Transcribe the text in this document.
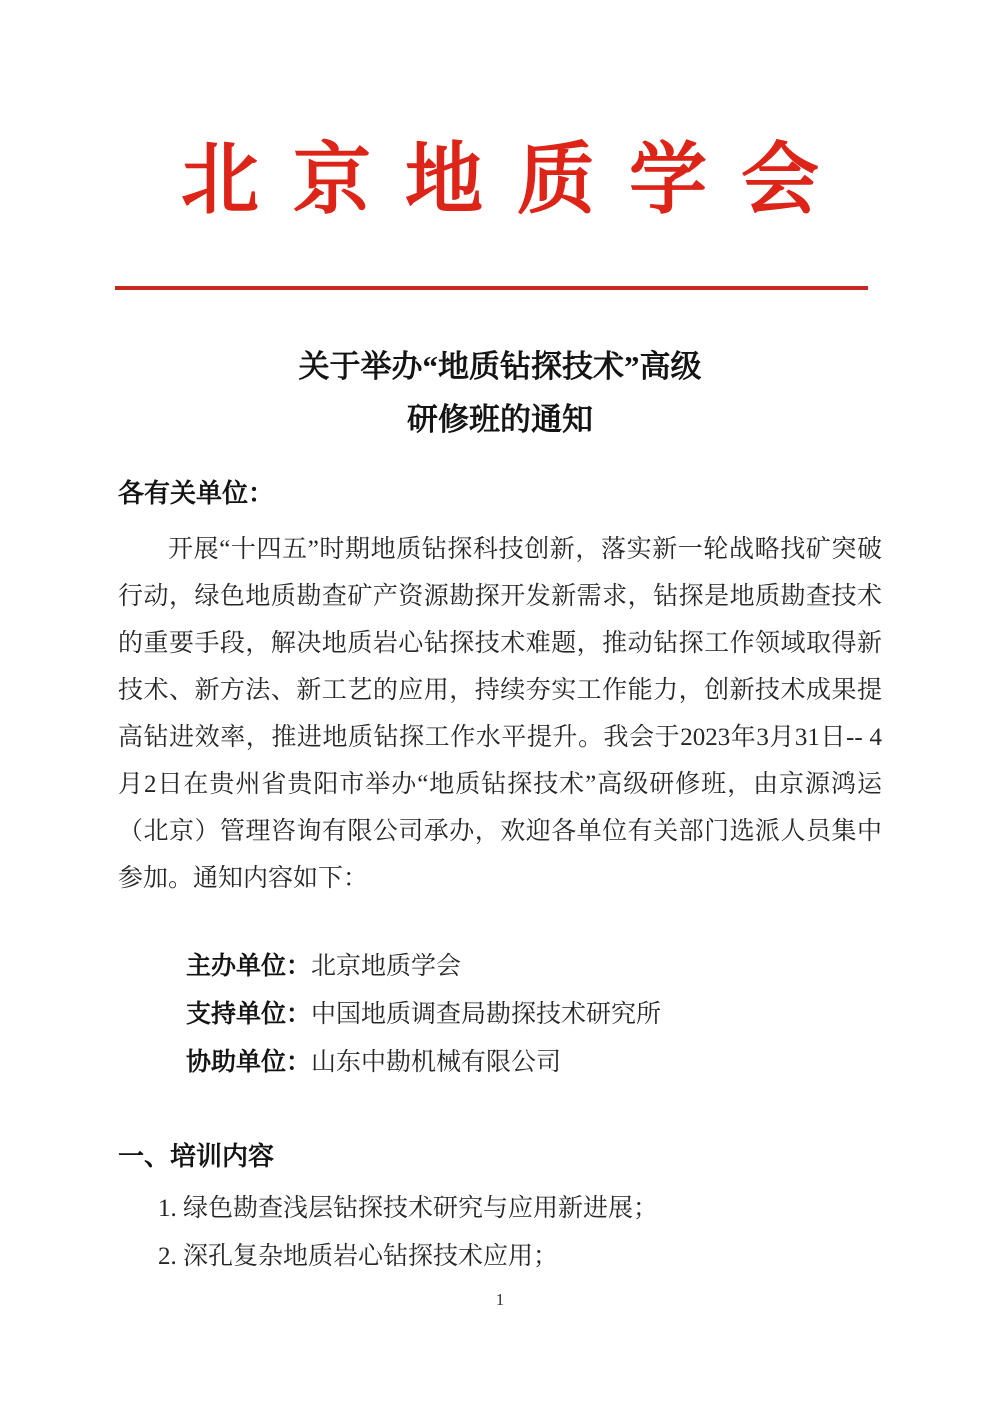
北京地质学会
关于举办“地质钻探技术”高级
研修班的通知
各有关单位：

开展“十四五”时期地质钻探科技创新，落实新一轮战略找矿突破行动，绿色地质勘查矿产资源勘探开发新需求，钻探是地质勘查技术的重要手段，解决地质岩心钻探技术难题，推动钻探工作领域取得新技术、新方法、新工艺的应用，持续夯实工作能力，创新技术成果提高钻进效率，推进地质钻探工作水平提升。我会于2023年3月31日-- 4月2日在贵州省贵阳市举办“地质钻探技术”高级研修班，由京源鸿运（北京）管理咨询有限公司承办，欢迎各单位有关部门选派人员集中参加。通知内容如下：

主办单位：北京地质学会
支持单位：中国地质调查局勘探技术研究所
协助单位：山东中勘机械有限公司
一、培训内容
1. 绿色勘查浅层钻探技术研究与应用新进展；
2. 深孔复杂地质岩心钻探技术应用；
1
